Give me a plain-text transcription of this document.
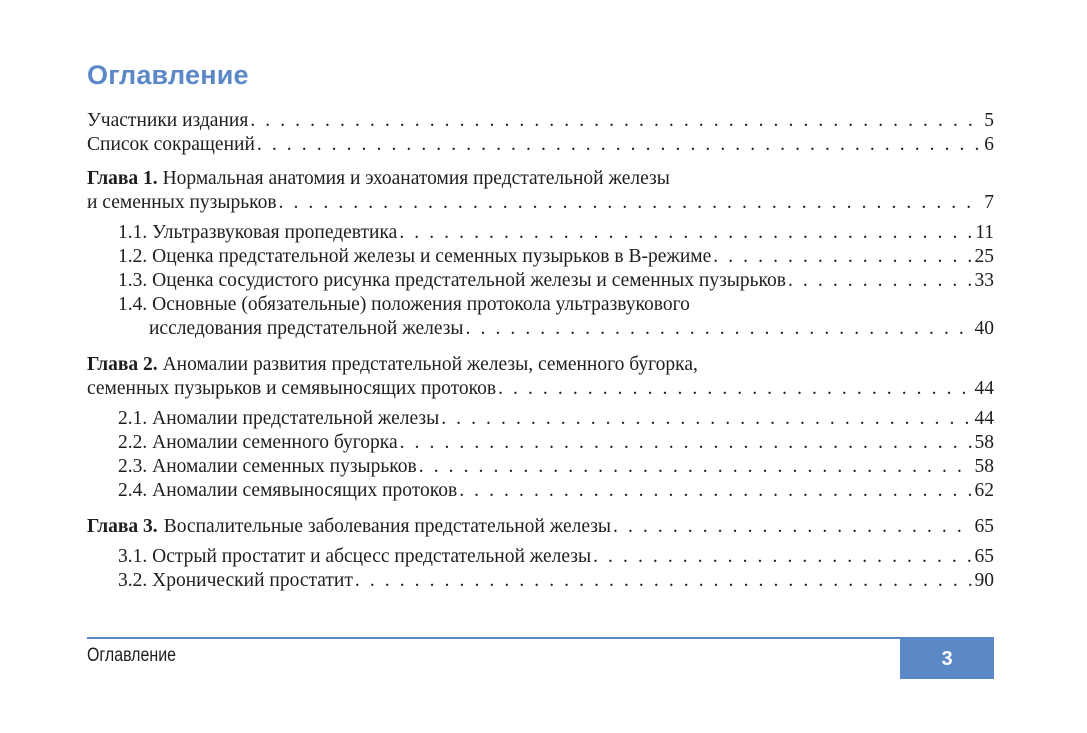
Оглавление
Участники издания . . .	5
Список сокращений . . .	6
Глава 1. Нормальная анатомия и эхоанатомия предстательной железы
и семенных пузырьков . . .	7
1.1. Ультразвуковая пропедевтика . . .	11
1.2. Оценка предстательной железы и семенных пузырьков в В-режиме . . .	25
1.3. Оценка сосудистого рисунка предстательной железы и семенных пузырьков . . .	33
1.4. Основные (обязательные) положения протокола ультразвукового
исследования предстательной железы . . .	40
Глава 2. Аномалии развития предстательной железы, семенного бугорка,
семенных пузырьков и семявыносящих протоков . . .	44
2.1. Аномалии предстательной железы . . .	44
2.2. Аномалии семенного бугорка . . .	58
2.3. Аномалии семенных пузырьков . . .	58
2.4. Аномалии семявыносящих протоков . . .	62
Глава 3. Воспалительные заболевания предстательной железы . . .	65
3.1. Острый простатит и абсцесс предстательной железы . . .	65
3.2. Хронический простатит . . .	90
Оглавление	3
